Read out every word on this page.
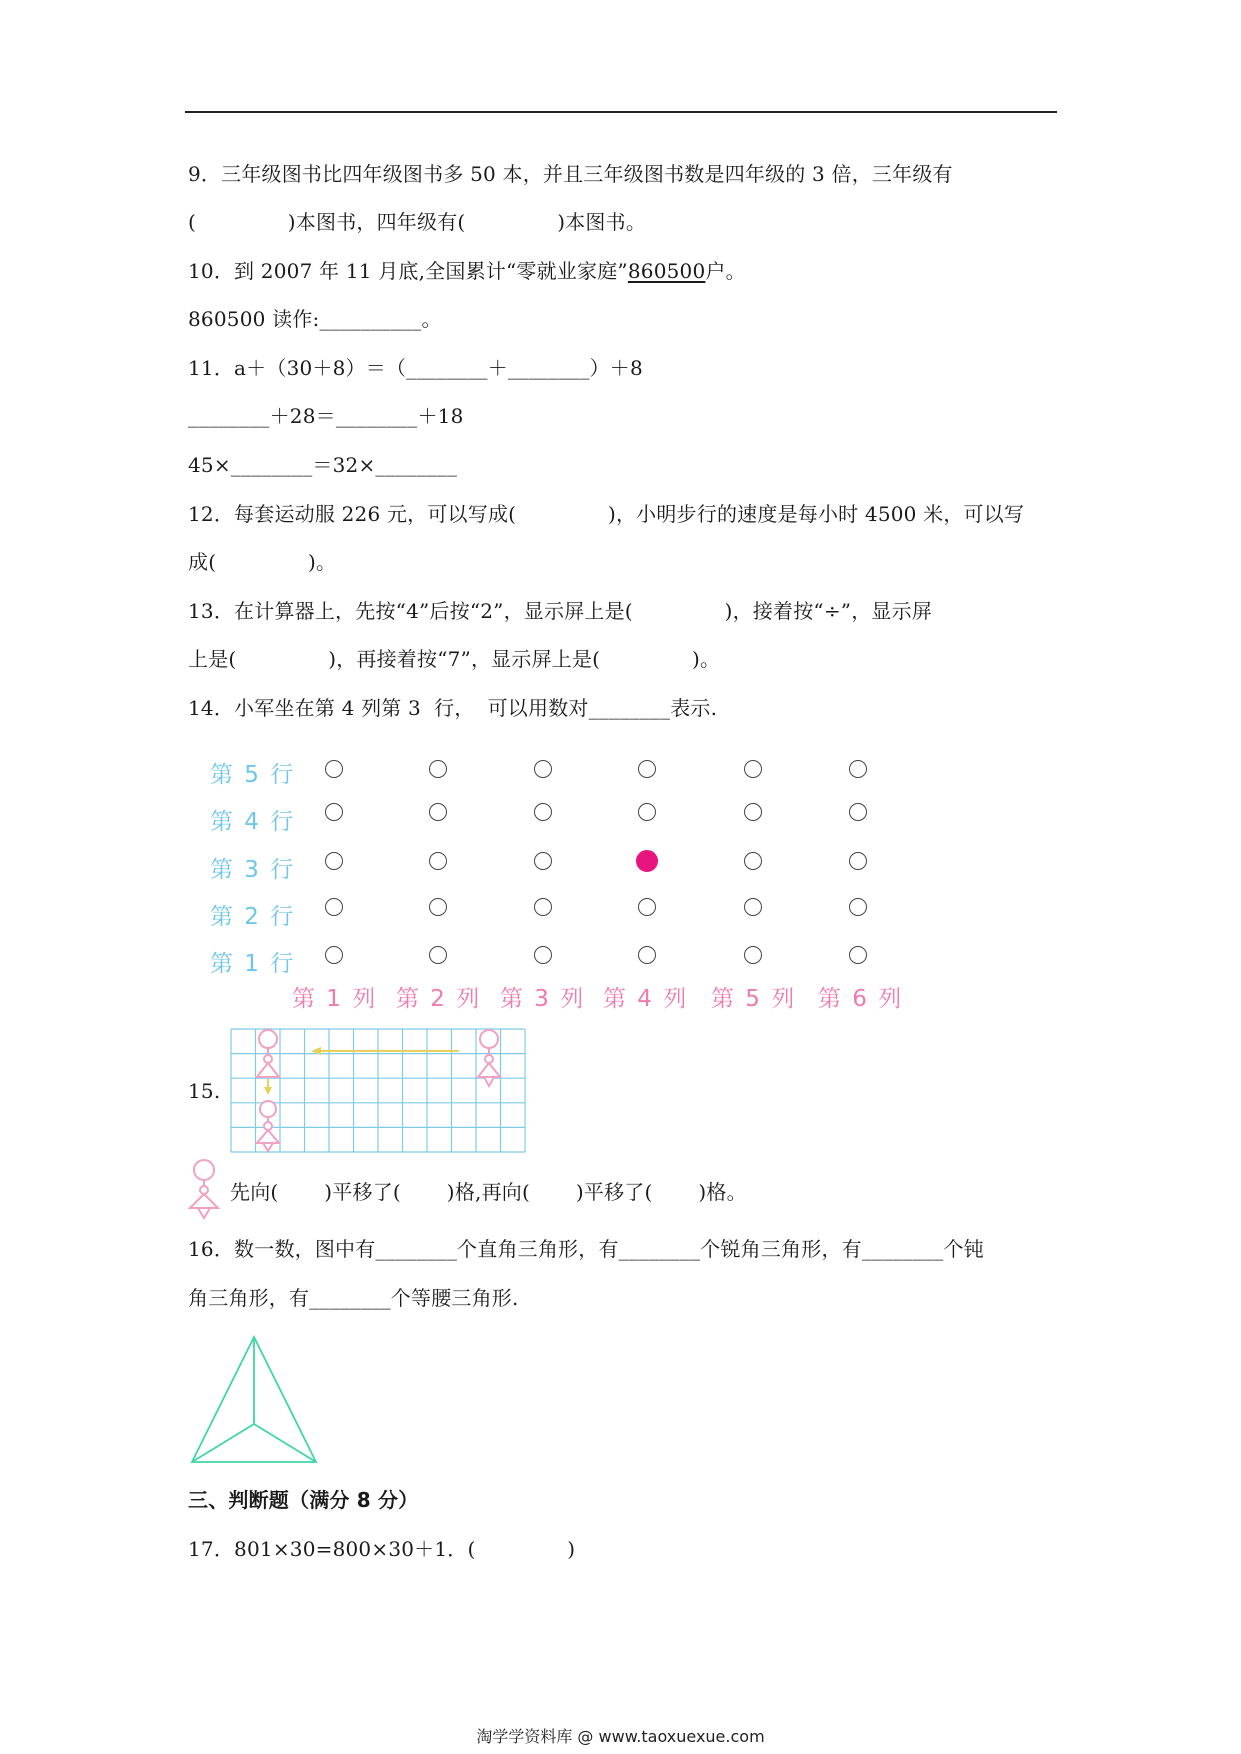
9．三年级图书比四年级图书多 50 本，并且三年级图书数是四年级的 3 倍，三年级有
(              )本图书，四年级有(              )本图书。
10．到 2007 年 11 月底,全国累计“零就业家庭”860500户。
860500 读作:__________。
11．a＋（30＋8）＝（________＋________）＋8
________＋28＝________＋18
45×________＝32×________
12．每套运动服 226 元，可以写成(              )，小明步行的速度是每小时 4500 米，可以写
成(              )。
13．在计算器上，先按“4”后按“2”，显示屏上是(              )，接着按“÷”，显示屏
上是(              )，再接着按“7”，显示屏上是(              )。
14．小军坐在第 4 列第 3  行，  可以用数对________表示.
第 5 行
第 4 行
第 3 行
第 2 行
第 1 行
第 1 列 第 2 列 第 3 列 第 4 列 第 5 列 第 6 列
15.
先向(       )平移了(       )格,再向(       )平移了(       )格。
16．数一数，图中有________个直角三角形，有________个锐角三角形，有________个钝
角三角形，有________个等腰三角形.
三、判断题（满分 8 分）
17．801×30=800×30＋1．(              )
淘学学资料库 @ www.taoxuexue.com
